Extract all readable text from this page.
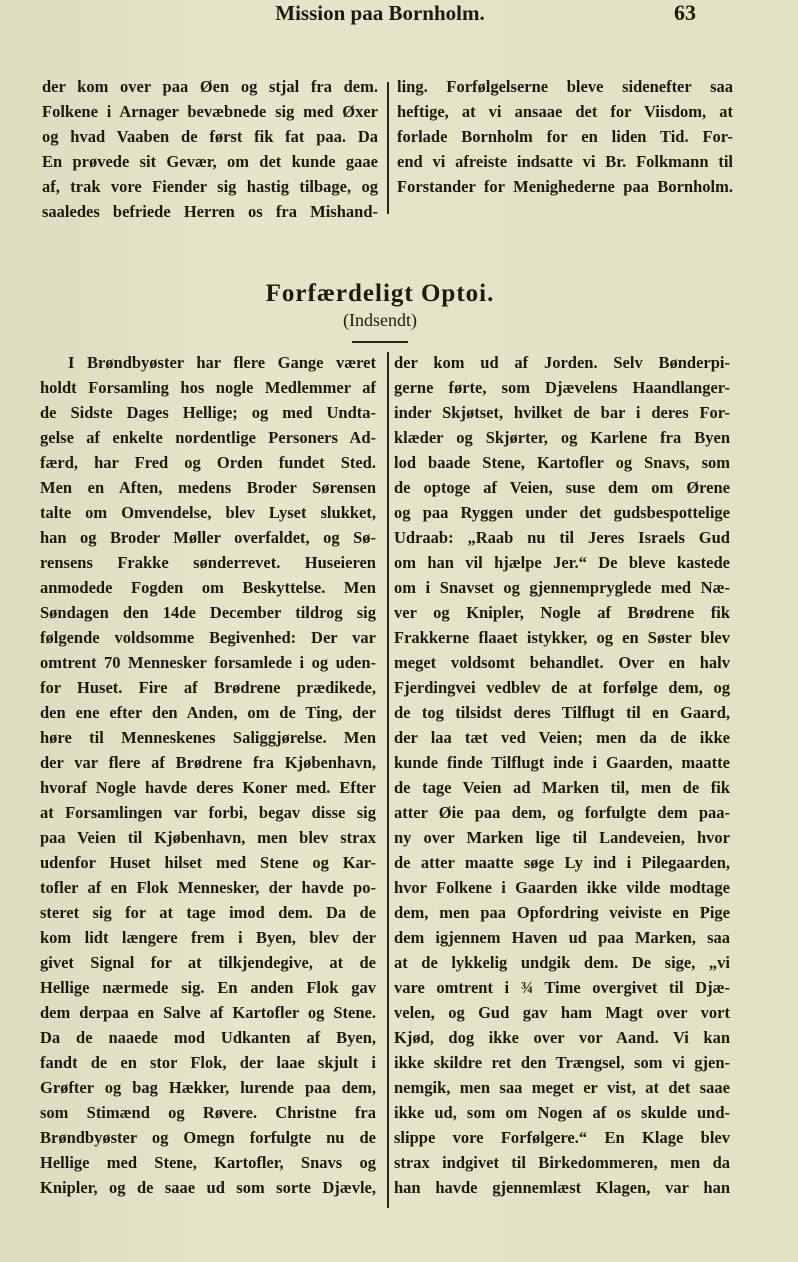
Mission paa Bornholm.	63
der kom over paa Øen og stjal fra dem.
Folkene i Arnager bevæbnede sig med Øxer
og hvad Vaaben de først fik fat paa. Da
En prøvede sit Gevær, om det kunde gaae
af, trak vore Fiender sig hastig tilbage, og
saaledes befriede Herren os fra Mishand-
ling. Forfølgelserne bleve sidenefter saa
heftige, at vi ansaae det for Viisdom, at
forlade Bornholm for en liden Tid. For-
end vi afreiste indsatte vi Br. Folkmann til
Forstander for Menighederne paa Bornholm.
Forfærdeligt Optoi.
(Indsendt)
I Brøndbyøster har flere Gange været
holdt Forsamling hos nogle Medlemmer af
de Sidste Dages Hellige; og med Undta-
gelse af enkelte nordentlige Personers Ad-
færd, har Fred og Orden fundet Sted.
Men en Aften, medens Broder Sørensen
talte om Omvendelse, blev Lyset slukket,
han og Broder Møller overfaldet, og Sø-
rensens Frakke sønderrevet. Huseieren
anmodede Fogden om Beskyttelse. Men
Søndagen den 14de December tildrog sig
følgende voldsomme Begivenhed: Der var
omtrent 70 Mennesker forsamlede i og uden-
for Huset. Fire af Brødrene prædikede,
den ene efter den Anden, om de Ting, der
høre til Menneskenes Saliggjørelse. Men
der var flere af Brødrene fra Kjøbenhavn,
hvoraf Nogle havde deres Koner med. Efter
at Forsamlingen var forbi, begav disse sig
paa Veien til Kjøbenhavn, men blev strax
udenfor Huset hilset med Stene og Kar-
tofler af en Flok Mennesker, der havde po-
steret sig for at tage imod dem. Da de
kom lidt længere frem i Byen, blev der
givet Signal for at tilkjendegive, at de
Hellige nærmede sig. En anden Flok gav
dem derpaa en Salve af Kartofler og Stene.
Da de naaede mod Udkanten af Byen,
fandt de en stor Flok, der laae skjult i
Grøfter og bag Hækker, lurende paa dem,
som Stimænd og Røvere. Christne fra
Brøndbyøster og Omegn forfulgte nu de
Hellige med Stene, Kartofler, Snavs og
Knipler, og de saae ud som sorte Djævle,
der kom ud af Jorden. Selv Bønderpi-
gerne førte, som Djævelens Haandlanger-
inder Skjøtset, hvilket de bar i deres For-
klæder og Skjørter, og Karlene fra Byen
lod baade Stene, Kartofler og Snavs, som
de optoge af Veien, suse dem om Ørene
og paa Ryggen under det gudsbespottelige
Udraab: „Raab nu til Jeres Israels Gud
om han vil hjælpe Jer.“ De bleve kastede
om i Snavset og gjennempryglede med Næ-
ver og Knipler, Nogle af Brødrene fik
Frakkerne flaaet istykker, og en Søster blev
meget voldsomt behandlet. Over en halv
Fjerdingvei vedblev de at forfølge dem, og
de tog tilsidst deres Tilflugt til en Gaard,
der laa tæt ved Veien; men da de ikke
kunde finde Tilflugt inde i Gaarden, maatte
de tage Veien ad Marken til, men de fik
atter Øie paa dem, og forfulgte dem paa-
ny over Marken lige til Landeveien, hvor
de atter maatte søge Ly ind i Pilegaarden,
hvor Folkene i Gaarden ikke vilde modtage
dem, men paa Opfordring veiviste en Pige
dem igjennem Haven ud paa Marken, saa
at de lykkelig undgik dem. De sige, „vi
vare omtrent i ¾ Time overgivet til Djæ-
velen, og Gud gav ham Magt over vort
Kjød, dog ikke over vor Aand. Vi kan
ikke skildre ret den Trængsel, som vi gjen-
nemgik, men saa meget er vist, at det saae
ikke ud, som om Nogen af os skulde und-
slippe vore Forfølgere.“ En Klage blev
strax indgivet til Birkedommeren, men da
han havde gjennemlæst Klagen, var han
